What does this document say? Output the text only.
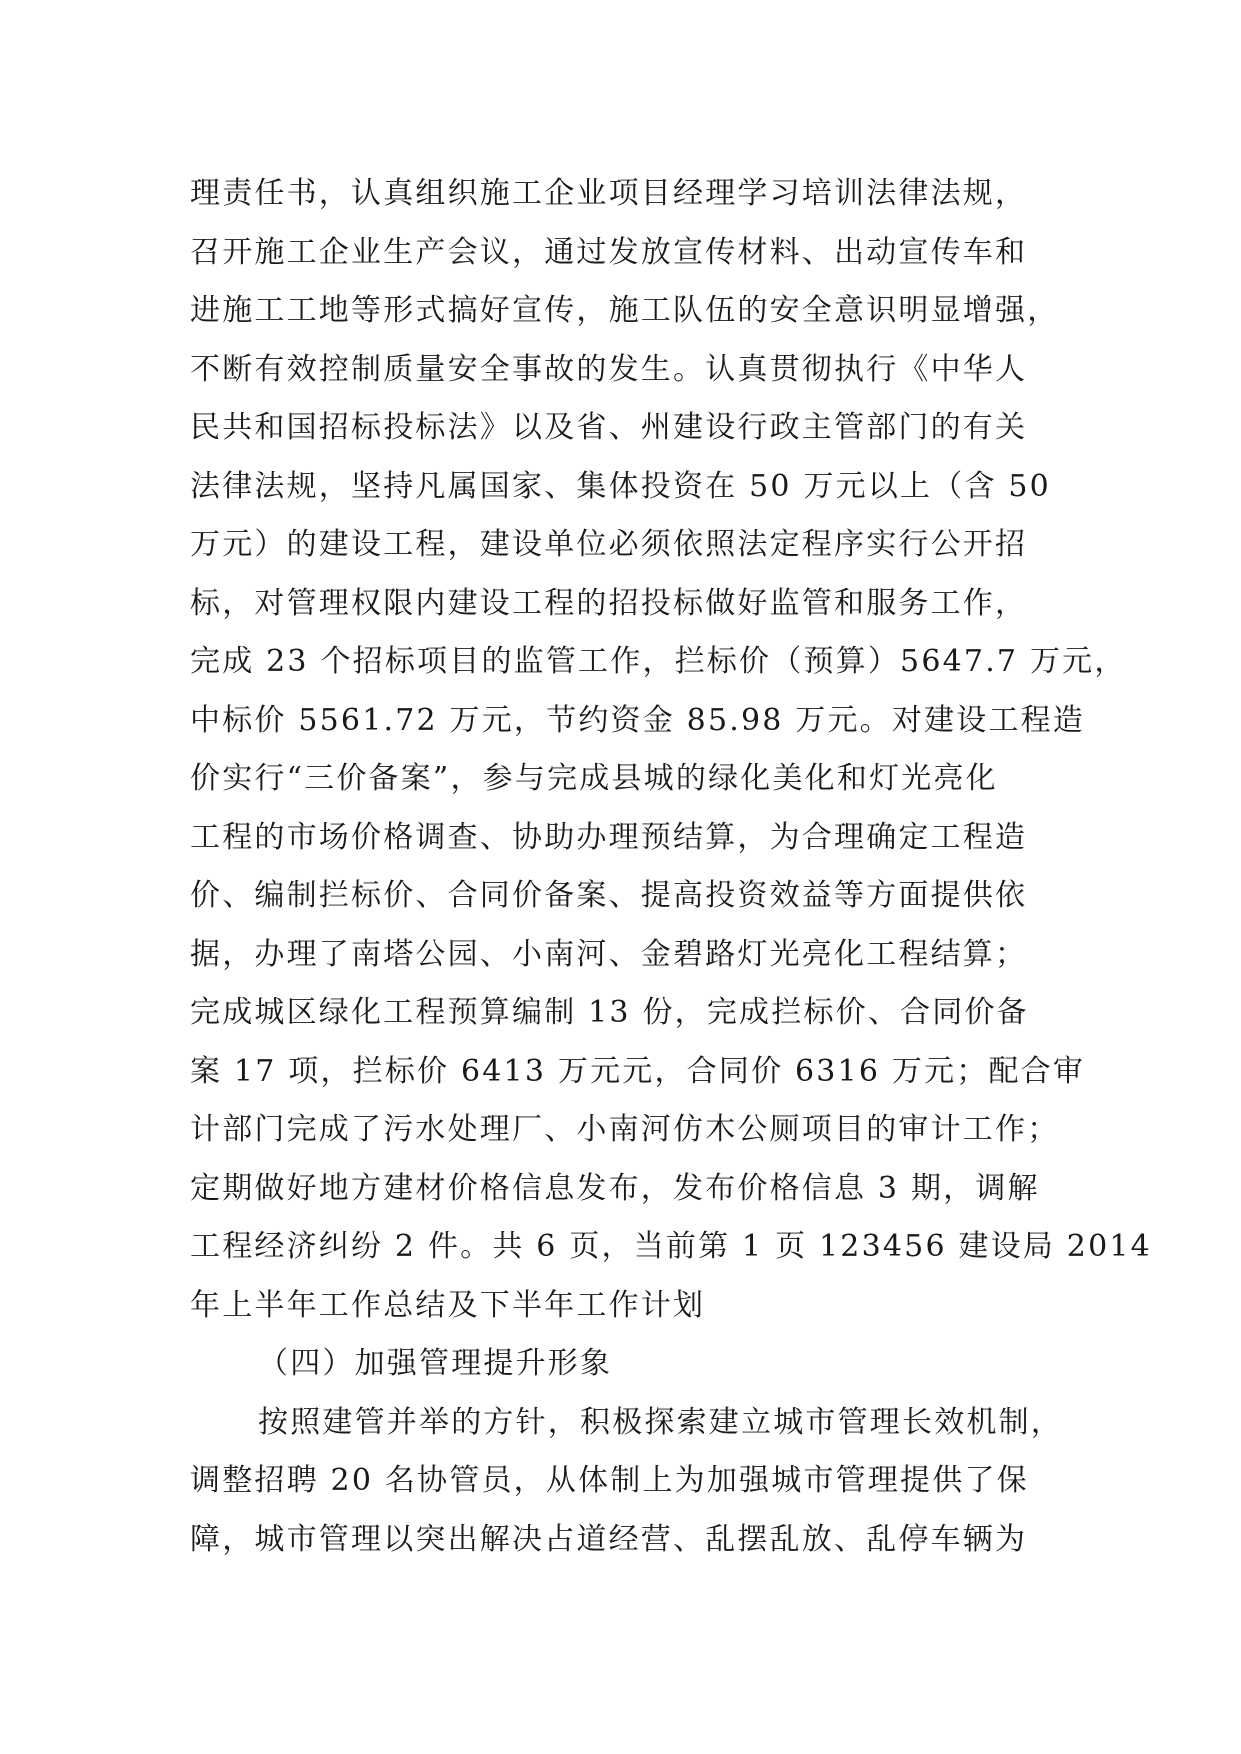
理责任书，认真组织施工企业项目经理学习培训法律法规，
召开施工企业生产会议，通过发放宣传材料、出动宣传车和
进施工工地等形式搞好宣传，施工队伍的安全意识明显增强，
不断有效控制质量安全事故的发生。认真贯彻执行《中华人
民共和国招标投标法》以及省、州建设行政主管部门的有关
法律法规，坚持凡属国家、集体投资在 50 万元以上（含 50
万元）的建设工程，建设单位必须依照法定程序实行公开招
标，对管理权限内建设工程的招投标做好监管和服务工作，
完成 23 个招标项目的监管工作，拦标价（预算）5647.7 万元，
中标价 5561.72 万元，节约资金 85.98 万元。对建设工程造
价实行“三价备案”，参与完成县城的绿化美化和灯光亮化
工程的市场价格调查、协助办理预结算，为合理确定工程造
价、编制拦标价、合同价备案、提高投资效益等方面提供依
据，办理了南塔公园、小南河、金碧路灯光亮化工程结算；
完成城区绿化工程预算编制 13 份，完成拦标价、合同价备
案 17 项，拦标价 6413 万元元，合同价 6316 万元；配合审
计部门完成了污水处理厂、小南河仿木公厕项目的审计工作；
定期做好地方建材价格信息发布，发布价格信息 3 期，调解
工程经济纠纷 2 件。共 6 页，当前第 1 页 123456 建设局 2014
年上半年工作总结及下半年工作计划
（四）加强管理提升形象
按照建管并举的方针，积极探索建立城市管理长效机制，
调整招聘 20 名协管员，从体制上为加强城市管理提供了保
障，城市管理以突出解决占道经营、乱摆乱放、乱停车辆为
